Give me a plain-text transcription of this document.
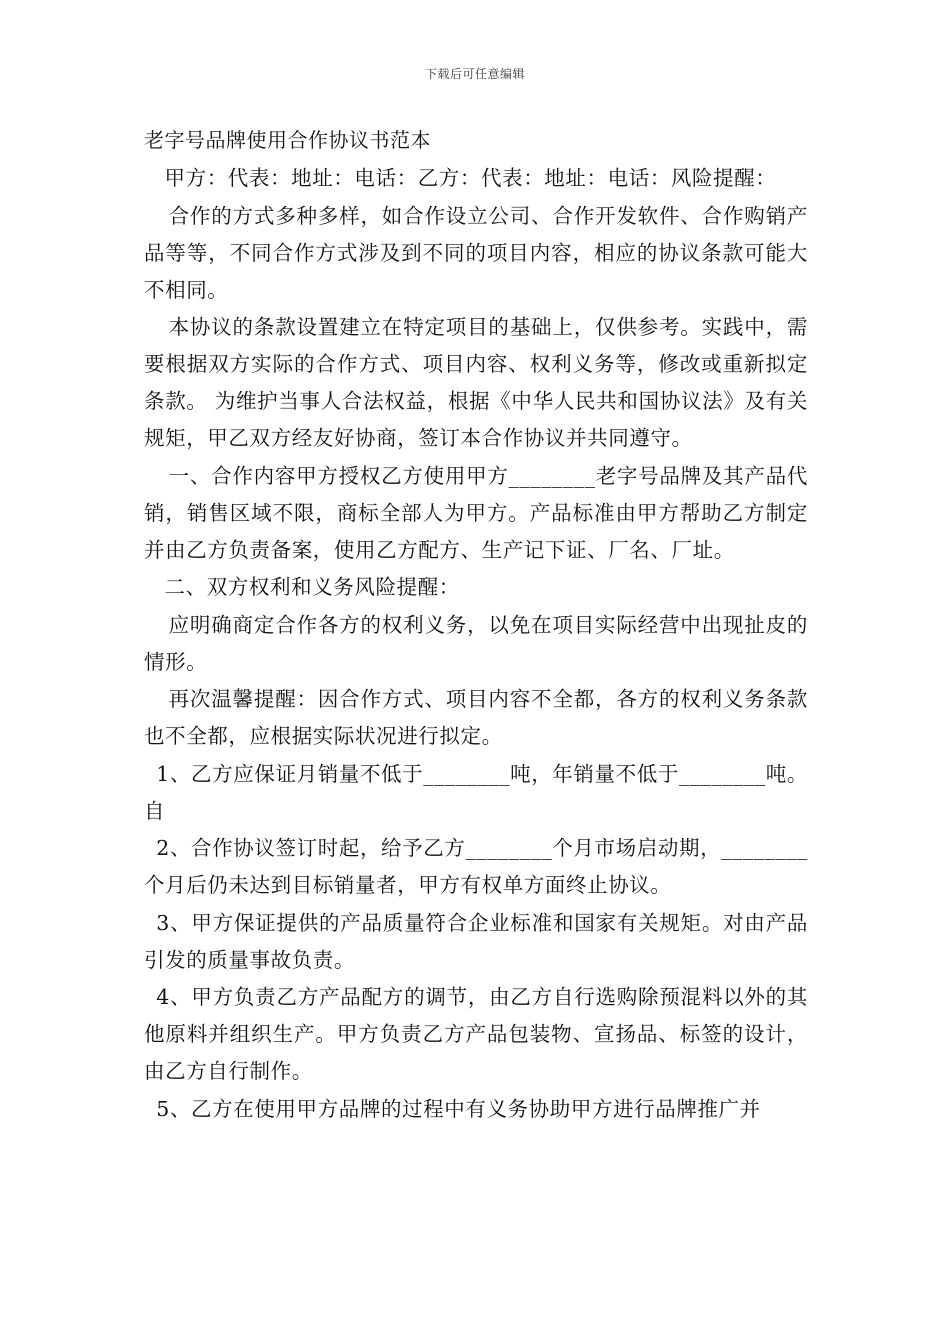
下载后可任意编辑
老字号品牌使用合作协议书范本

甲方：代表：地址：电话：乙方：代表：地址：电话：风险提醒：

合作的方式多种多样，如合作设立公司、合作开发软件、合作购销产品等等，不同合作方式涉及到不同的项目内容，相应的协议条款可能大不相同。

本协议的条款设置建立在特定项目的基础上，仅供参考。实践中，需要根据双方实际的合作方式、项目内容、权利义务等，修改或重新拟定条款。 为维护当事人合法权益，根据《中华人民共和国协议法》及有关规矩，甲乙双方经友好协商，签订本合作协议并共同遵守。

一、合作内容甲方授权乙方使用甲方________老字号品牌及其产品代销，销售区域不限，商标全部人为甲方。产品标准由甲方帮助乙方制定并由乙方负责备案，使用乙方配方、生产记下证、厂名、厂址。

二、双方权利和义务风险提醒：

应明确商定合作各方的权利义务，以免在项目实际经营中出现扯皮的情形。

再次温馨提醒：因合作方式、项目内容不全都，各方的权利义务条款也不全都，应根据实际状况进行拟定。

1、乙方应保证月销量不低于________吨，年销量不低于________吨。自

2、合作协议签订时起，给予乙方________个月市场启动期，________个月后仍未达到目标销量者，甲方有权单方面终止协议。

3、甲方保证提供的产品质量符合企业标准和国家有关规矩。对由产品引发的质量事故负责。

4、甲方负责乙方产品配方的调节，由乙方自行选购除预混料以外的其他原料并组织生产。甲方负责乙方产品包装物、宣扬品、标签的设计，由乙方自行制作。

5、乙方在使用甲方品牌的过程中有义务协助甲方进行品牌推广并
